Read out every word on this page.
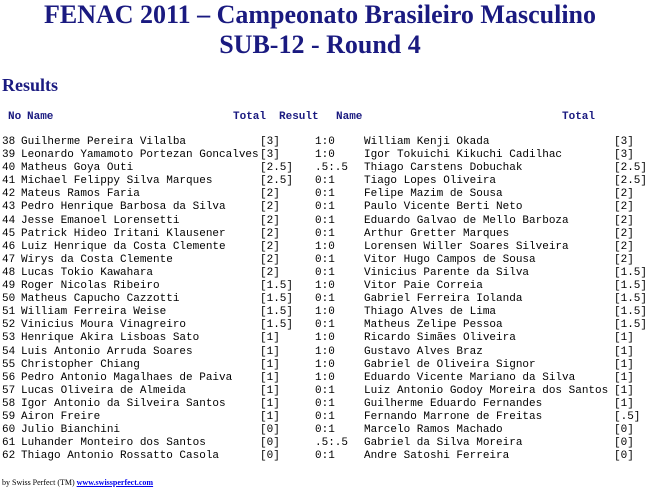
FENAC 2011 – Campeonato Brasileiro Masculino
SUB-12 - Round 4
Results
No Name	Total Result Name	Total
38 Guilherme Pereira Vilalba	[3]	1:0	William Kenji Okada	[3]
39 Leonardo Yamamoto Portezan Goncalves [3]	1:0	Igor Tokuichi Kikuchi Cadilhac	[3]
40 Matheus Goya Outi	[2.5] .5:.5 Thiago Carstens Dobuchak	[2.5]
41 Michael Felippy Silva Marques	[2.5] 0:1	Tiago Lopes Oliveira	[2.5]
42 Mateus Ramos Faria	[2]	0:1	Felipe Mazim de Sousa	[2]
43 Pedro Henrique Barbosa da Silva	[2]	0:1	Paulo Vicente Berti Neto	[2]
44 Jesse Emanoel Lorensetti	[2]	0:1	Eduardo Galvao de Mello Barboza	[2]
45 Patrick Hideo Iritani Klausener	[2]	0:1	Arthur Gretter Marques	[2]
46 Luiz Henrique da Costa Clemente	[2]	1:0	Lorensen Willer Soares Silveira	[2]
47 Wirys da Costa Clemente	[2]	0:1	Vitor Hugo Campos de Sousa	[2]
48 Lucas Tokio Kawahara	[2]	0:1	Vinicius Parente da Silva	[1.5]
49 Roger Nicolas Ribeiro	[1.5] 1:0	Vitor Paie Correia	[1.5]
50 Matheus Capucho Cazzotti	[1.5] 0:1	Gabriel Ferreira Iolanda	[1.5]
51 William Ferreira Weise	[1.5] 1:0	Thiago Alves de Lima	[1.5]
52 Vinicius Moura Vinagreiro	[1.5] 0:1	Matheus Zelipe Pessoa	[1.5]
53 Henrique Akira Lisboas Sato	[1]	1:0	Ricardo Simães Oliveira	[1]
54 Luis Antonio Arruda Soares	[1]	1:0	Gustavo Alves Braz	[1]
55 Christopher Chiang	[1]	1:0	Gabriel de Oliveira Signor	[1]
56 Pedro Antonio Magalhaes de Paiva	[1]	1:0	Eduardo Vicente Mariano da Silva	[1]
57 Lucas Oliveira de Almeida	[1]	0:1	Luiz Antonio Godoy Moreira dos Santos [1]
58 Igor Antonio da Silveira Santos	[1]	0:1	Guilherme Eduardo Fernandes	[1]
59 Airon Freire	[1]	0:1	Fernando Marrone de Freitas	[.5]
60 Julio Bianchini	[0]	0:1	Marcelo Ramos Machado	[0]
61 Luhander Monteiro dos Santos	[0]	.5:.5 Gabriel da Silva Moreira	[0]
62 Thiago Antonio Rossatto Casola	[0]	0:1	Andre Satoshi Ferreira	[0]
by Swiss Perfect (TM) www.swissperfect.com
